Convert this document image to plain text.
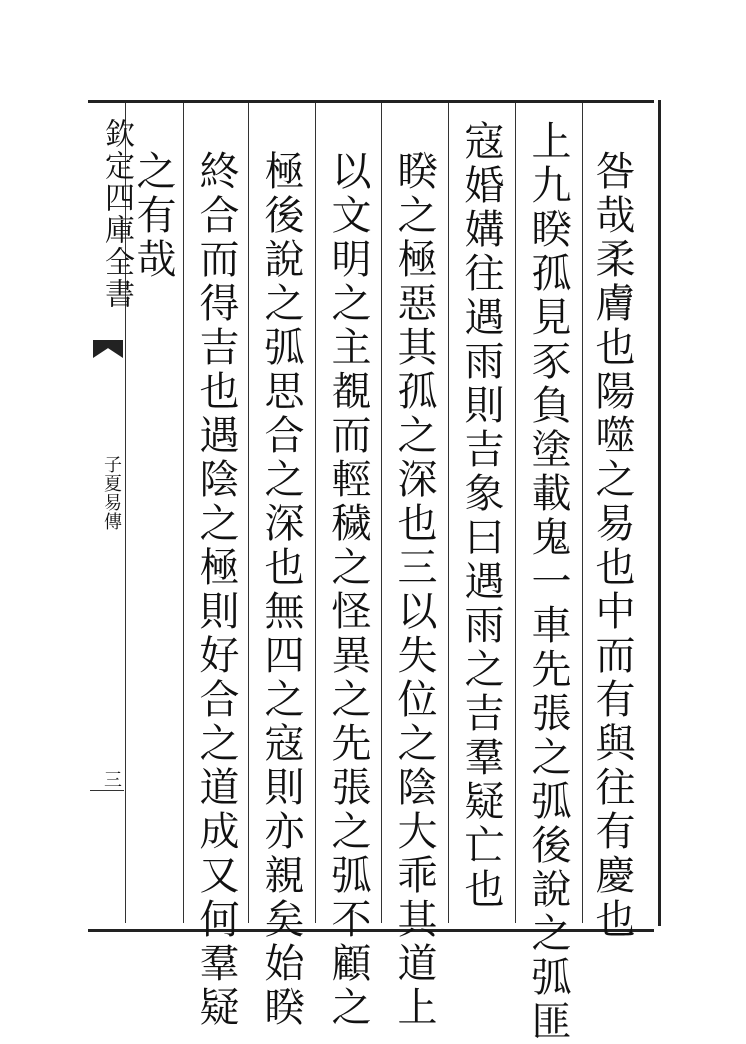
欽定四庫全書
子夏易傳
三	咎哉柔膚也陽噬之易也中而有與往有慶也
上九睽孤見豕負塗載鬼一車先張之弧後說之弧匪
寇婚媾往遇雨則吉象曰遇雨之吉羣疑亡也
睽之極惡其孤之深也三以失位之陰大乖其道上
以文明之主覩而輕穢之怪異之先張之弧不顧之
極後說之弧思合之深也無四之寇則亦親矣始睽
終合而得吉也遇陰之極則好合之道成又何羣疑
之有哉
